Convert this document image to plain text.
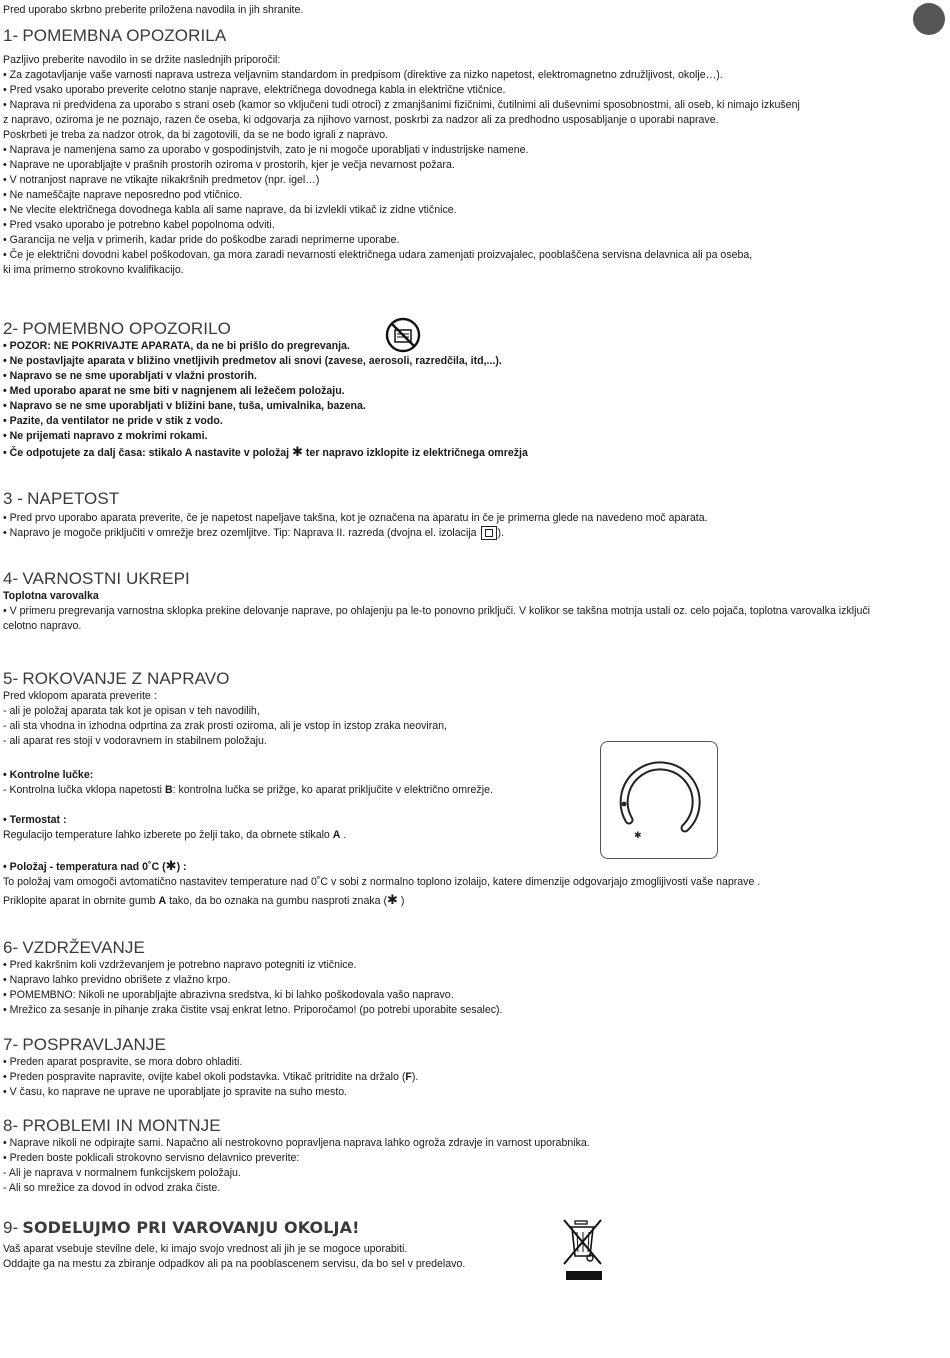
Pred uporabo skrbno preberite priložena navodila in jih shranite.
1- POMEMBNA OPOZORILA
Pazljivo preberite navodilo in se držite naslednjih priporočil:
• Za zagotavljanje vaše varnosti naprava ustreza veljavnim standardom in predpisom (direktive za nizko napetost, elektromagnetno združljivost, okolje…).
• Pred vsako uporabo preverite celotno stanje naprave, električnega dovodnega kabla in električne vtičnice.
• Naprava ni predvidena za uporabo s strani oseb (kamor so vključeni tudi otroci) z zmanjšanimi fizičnimi, čutilnimi ali duševnimi sposobnostmi, ali oseb, ki nimajo izkušenj
z napravo, oziroma je ne poznajo, razen če oseba, ki odgovarja za njihovo varnost, poskrbi za nadzor ali za predhodno usposabljanje o uporabi naprave.
Poskrbeti je treba za nadzor otrok, da bi zagotovili, da se ne bodo igrali z napravo.
• Naprava je namenjena samo za uporabo v gospodinjstvih, zato je ni mogoče uporabljati v industrijske namene.
• Naprave ne uporabljajte v prašnih prostorih oziroma v prostorih, kjer je večja nevarnost požara.
• V notranjost naprave ne vtikajte nikakršnih predmetov (npr. igel…)
• Ne nameščajte naprave neposredno pod vtičnico.
• Ne vlecite električnega dovodnega kabla ali same naprave, da bi izvlekli vtikač iz zidne vtičnice.
• Pred vsako uporabo je potrebno kabel popolnoma odviti.
• Garancija ne velja v primerih, kadar pride do poškodbe zaradi neprimerne uporabe.
• Če je električni dovodni kabel poškodovan, ga mora zaradi nevarnosti električnega udara zamenjati proizvajalec, pooblaščena servisna delavnica ali pa oseba,
ki ima primerno strokovno kvalifikacijo.
2- POMEMBNO OPOZORILO
• POZOR: NE POKRIVAJTE APARATA, da ne bi prišlo do pregrevanja.
• Ne postavljajte aparata v bližino vnetljivih predmetov ali snovi (zavese, aerosoli, razredčila, itd,...).
• Napravo se ne sme uporabljati v vlažni prostorih.
• Med uporabo aparat ne sme biti v nagnjenem ali ležečem položaju.
• Napravo se ne sme uporabljati v bližini bane, tuša, umivalnika, bazena.
• Pazite, da ventilator ne pride v stik z vodo.
• Ne prijemati napravo z mokrimi rokami.
• Če odpotujete za dalj časa: stikalo A nastavite v položaj ✱ ter napravo izklopite iz električnega omrežja
3 - NAPETOST
• Pred prvo uporabo aparata preverite, če je napetost napeljave takšna, kot je označena na aparatu in če je primerna glede na navedeno moč aparata.
• Napravo je mogoče priključiti v omrežje brez ozemljitve. Tip: Naprava II. razreda (dvojna el. izolacija ).
4- VARNOSTNI UKREPI
Toplotna varovalka
• V primeru pregrevanja varnostna sklopka prekine delovanje naprave, po ohlajenju pa le-to ponovno priključi. V kolikor se takšna motnja ustali oz. celo pojača, toplotna varovalka izključi
celotno napravo.
5- ROKOVANJE Z NAPRAVO
Pred vklopom aparata preverite :
- ali je položaj aparata tak kot je opisan v teh navodilih,
- ali sta vhodna in izhodna odprtina za zrak prosti oziroma, ali je vstop in izstop zraka neoviran,
- ali aparat res stoji v vodoravnem in stabilnem položaju.
• Kontrolne lučke:
- Kontrolna lučka vklopa napetosti B: kontrolna lučka se prižge, ko aparat priključite v električno omrežje.
• Termostat :
Regulacijo temperature lahko izberete po želji tako, da obrnete stikalo A .
• Položaj - temperatura nad 0˚C (✱) :
To položaj vam omogoči avtomatično nastavitev temperature nad 0˚C v sobi z normalno toplono izolaijo, katere dimenzije odgovarjajo zmoglijivosti vaše naprave .
Priklopite aparat in obrnite gumb A tako, da bo oznaka na gumbu nasproti znaka (✱ )
✱
6- VZDRŽEVANJE
• Pred kakršnim koli vzdrževanjem je potrebno napravo potegniti iz vtičnice.
• Napravo lahko previdno obrišete z vlažno krpo.
• POMEMBNO: Nikoli ne uporabljajte abrazivna sredstva, ki bi lahko poškodovala vašo napravo.
• Mrežico za sesanje in pihanje zraka čistite vsaj enkrat letno. Priporočamo! (po potrebi uporabite sesalec).
7- POSPRAVLJANJE
• Preden aparat pospravite, se mora dobro ohladiti.
• Preden pospravite napravite, ovijte kabel okoli podstavka. Vtikač pritridite na držalo (F).
• V času, ko naprave ne uprave ne uporabljate jo spravite na suho mesto.
8- PROBLEMI IN MONTNJE
• Naprave nikoli ne odpirajte sami. Napačno ali nestrokovno popravljena naprava lahko ogroža zdravje in varnost uporabnika.
• Preden boste poklicali strokovno servisno delavnico preverite:
- Ali je naprava v normalnem funkcijskem položaju.
- Ali so mrežice za dovod in odvod zraka čiste.
9- SODELUJMO PRI VAROVANJU OKOLJA!
Vaš aparat vsebuje stevilne dele, ki imajo svojo vrednost ali jih je se mogoce uporabiti.
Oddajte ga na mestu za zbiranje odpadkov ali pa na pooblascenem servisu, da bo sel v predelavo.
